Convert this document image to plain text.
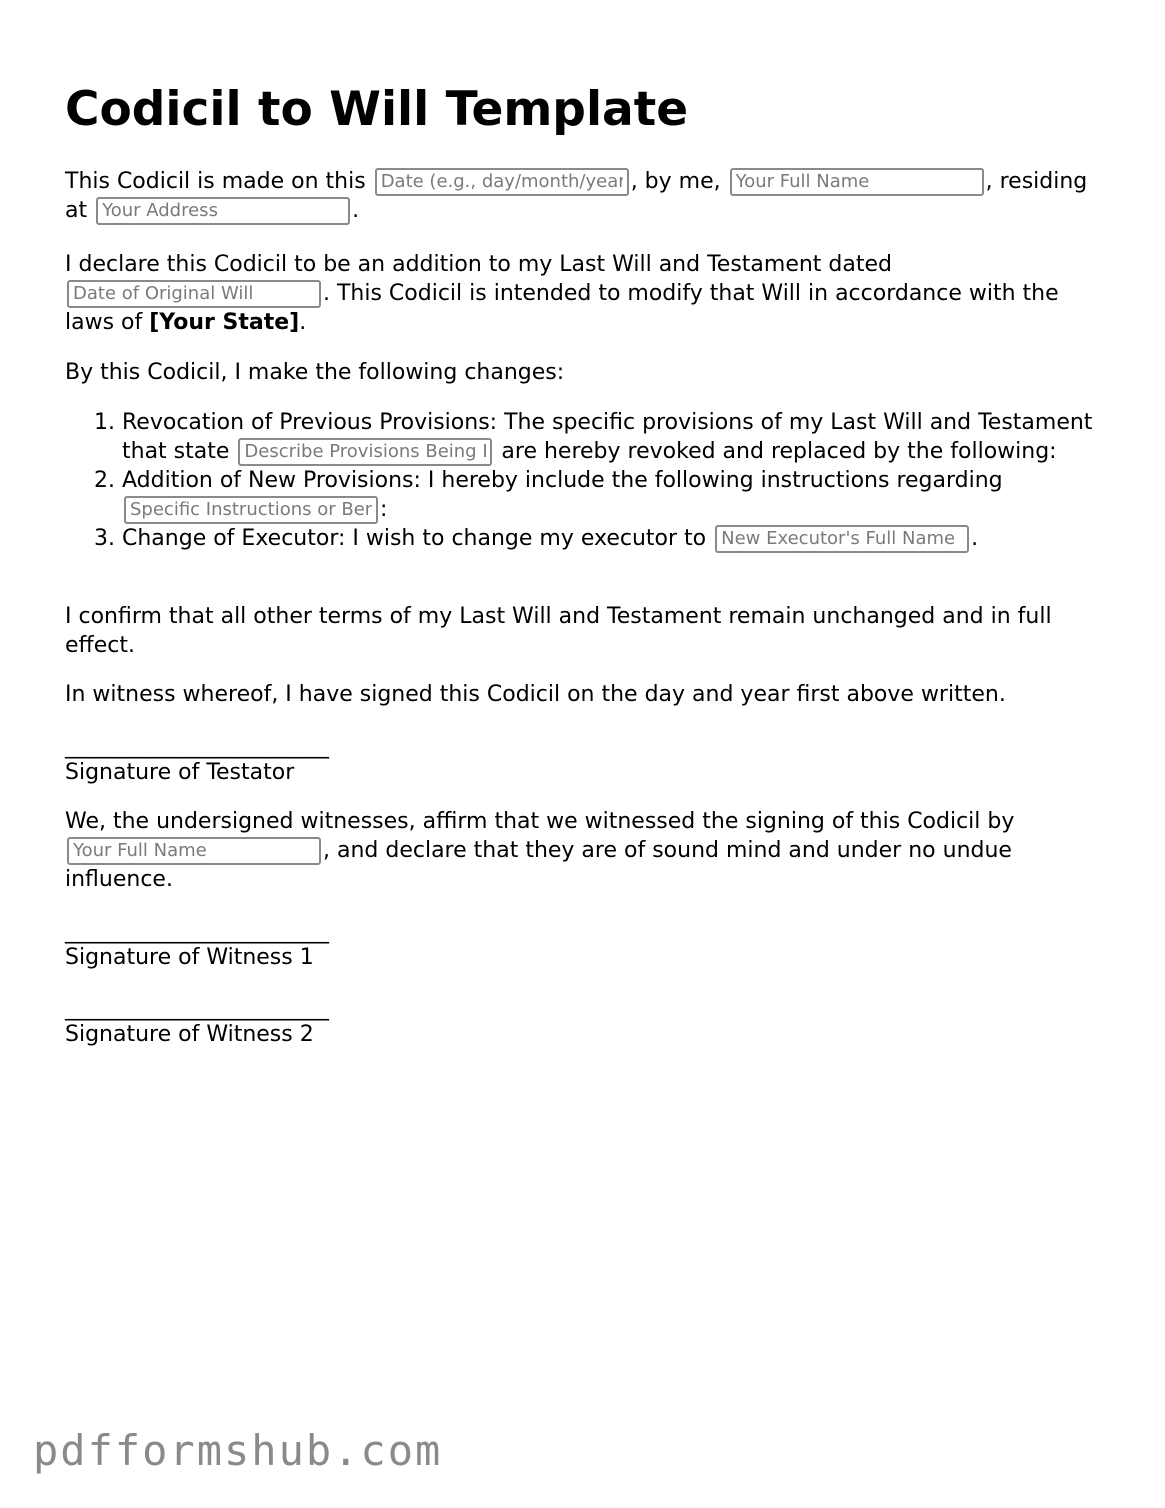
Codicil to Will Template

This Codicil is made on this Date (e.g., day/month/year)	, by me, Your Full Name	, residing at Your Address	.

I declare this Codicil to be an addition to my Last Will and Testament dated Date of Original Will. This Codicil is intended to modify that Will in accordance with the laws of [Your State].

By this Codicil, I make the following changes:

1. Revocation of Previous Provisions: The specific provisions of my Last Will and Testament that state Describe Provisions Being Revoked	are hereby revoked and replaced by the following:
2. Addition of New Provisions: I hereby include the following instructions regarding Specific Instructions or Beneficiaries:
3. Change of Executor: I wish to change my executor to New Executor's Full Name	.

I confirm that all other terms of my Last Will and Testament remain unchanged and in full effect.

In witness whereof, I have signed this Codicil on the day and year first above written.

________________________
Signature of Testator

We, the undersigned witnesses, affirm that we witnessed the signing of this Codicil by Your Full Name, and declare that they are of sound mind and under no undue influence.

________________________
Signature of Witness 1
________________________
Signature of Witness 2
pdfformshub.com
